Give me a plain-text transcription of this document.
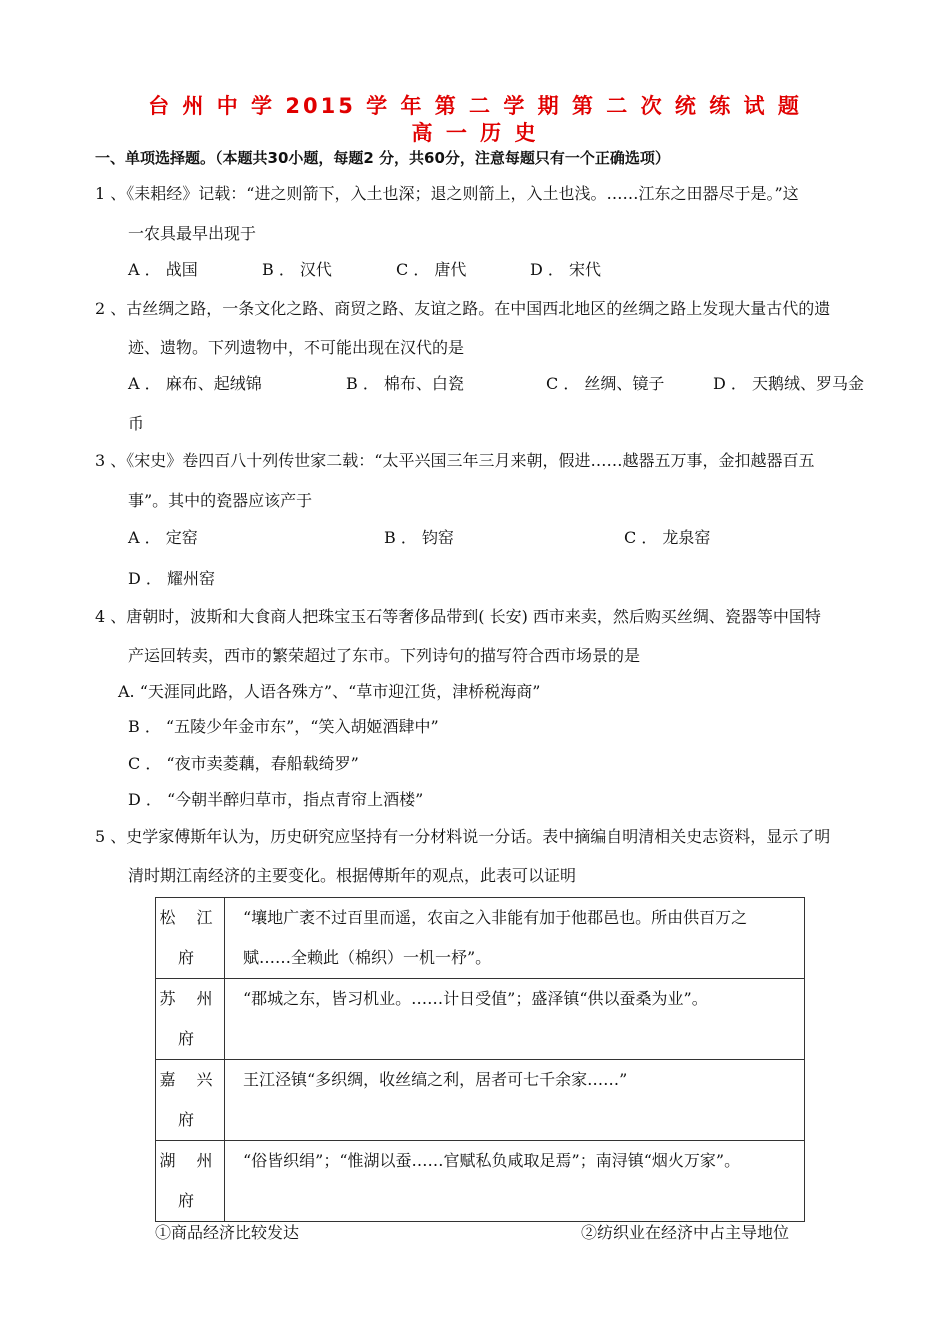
台 州 中 学 2015 学 年 第 二 学 期 第 二 次 统 练 试 题
高 一 历 史
一、单项选择题。（本题共30小题，每题2 分，共60分，注意每题只有一个正确选项）
1 、《耒耜经》记载：“进之则箭下，入土也深；退之则箭上，入土也浅。……江东之田器尽于是。”这
一农具最早出现于
A ． 战国	B ． 汉代	C ． 唐代	D ． 宋代
2 、古丝绸之路，一条文化之路、商贸之路、友谊之路。在中国西北地区的丝绸之路上发现大量古代的遗
迹、遗物。下列遗物中，不可能出现在汉代的是
A ． 麻布、起绒锦	B ． 棉布、白瓷	C ． 丝绸、镜子	D ． 天鹅绒、罗马金
币
3 、《宋史》卷四百八十列传世家二载：“太平兴国三年三月来朝，假进……越器五万事，金扣越器百五
事”。其中的瓷器应该产于
A ． 定窑	B ． 钧窑	C ． 龙泉窑
D ． 耀州窑
4 、唐朝时，波斯和大食商人把珠宝玉石等奢侈品带到( 长安) 西市来卖，然后购买丝绸、瓷器等中国特
产运回转卖，西市的繁荣超过了东市。下列诗句的描写符合西市场景的是
A. “天涯同此路，人语各殊方”、“草市迎江货，津桥税海商”
B ． “五陵少年金市东”，“笑入胡姬酒肆中”
C ． “夜市卖菱藕，春船载绮罗”
D ． “今朝半醉归草市，指点青帘上酒楼”
5 、史学家傅斯年认为，历史研究应坚持有一分材料说一分话。表中摘编自明清相关史志资料，显示了明
清时期江南经济的主要变化。根据傅斯年的观点，此表可以证明
松 江 府	“壤地广袤不过百里而遥，农亩之入非能有加于他郡邑也。所由供百万之赋……全赖此（棉织）一机一杼”。
苏 州 府	“郡城之东，皆习机业。……计日受值”；盛泽镇“供以蚕桑为业”。
嘉 兴 府	王江泾镇“多织绸，收丝缟之利，居者可七千余家……”
湖 州 府	“俗皆织绢”；“惟湖以蚕……官赋私负咸取足焉”；南浔镇“烟火万家”。
①商品经济比较发达	②纺织业在经济中占主导地位
